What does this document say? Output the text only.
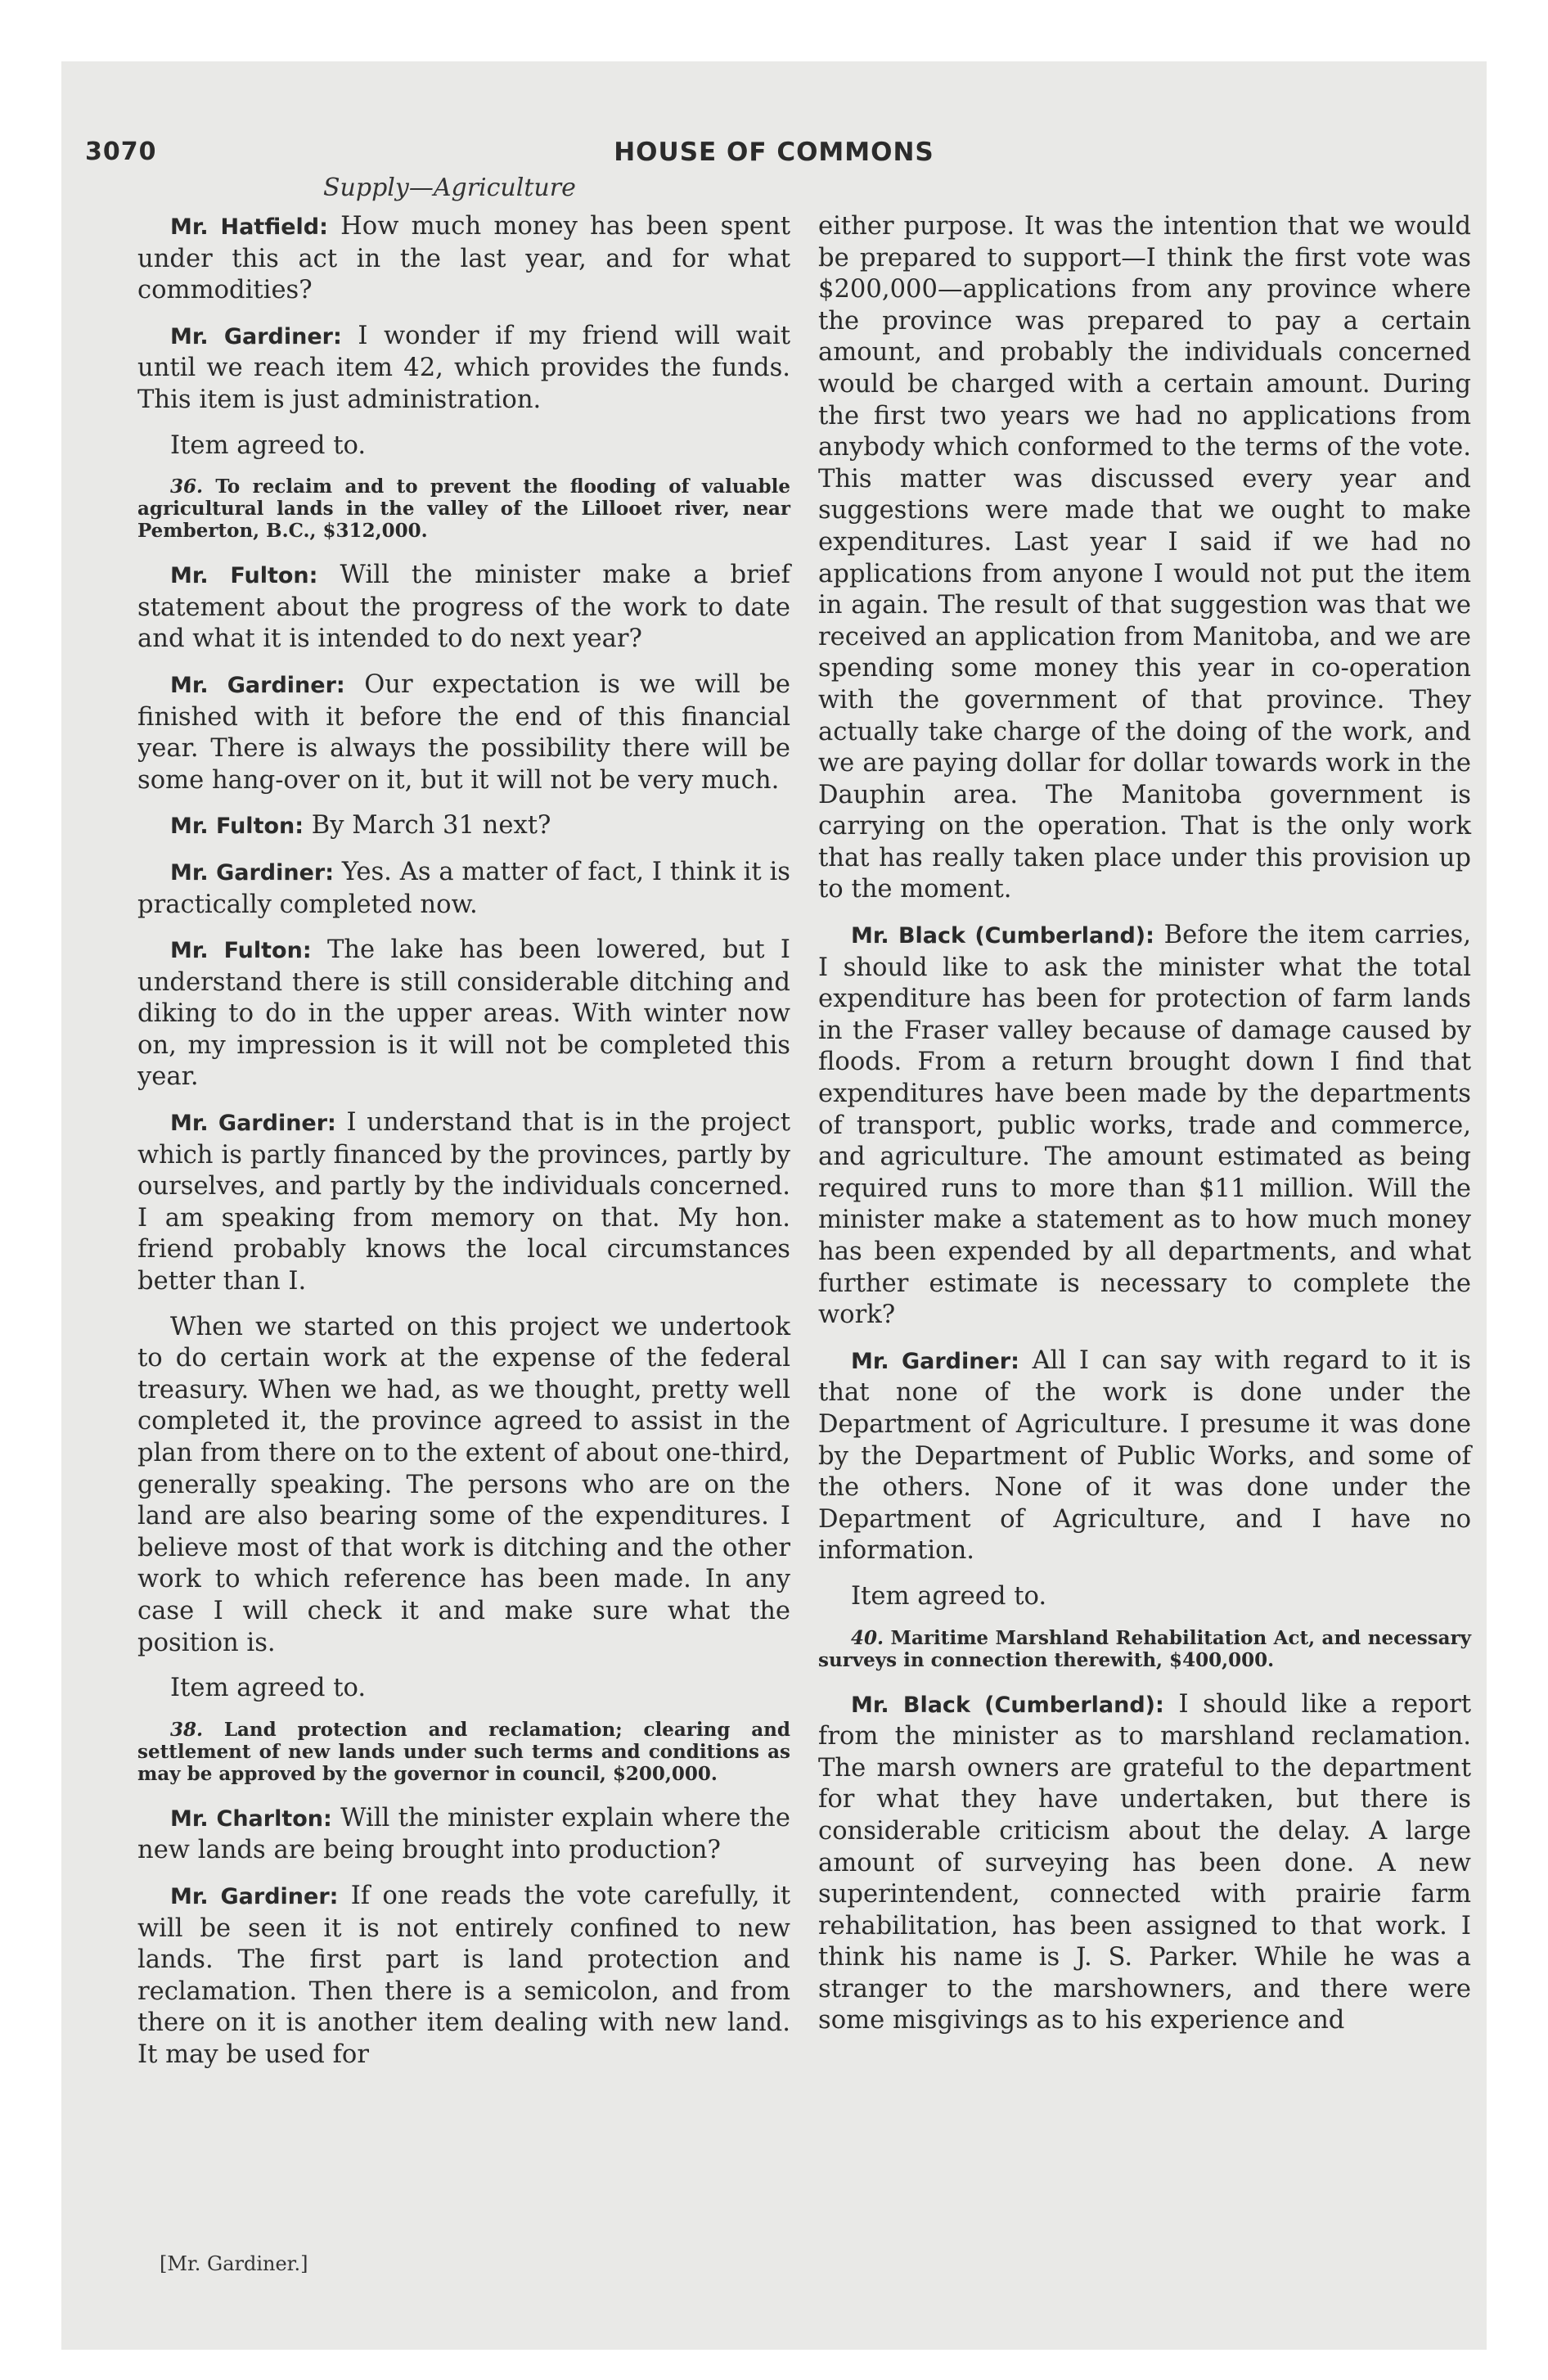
3070	HOUSE OF COMMONS
Supply—Agriculture

Mr. Hatfield: How much money has been spent under this act in the last year, and for what commodities?

Mr. Gardiner: I wonder if my friend will wait until we reach item 42, which provides the funds. This item is just administration.

Item agreed to.

36. To reclaim and to prevent the flooding of valuable agricultural lands in the valley of the Lillooet river, near Pemberton, B.C., $312,000.

Mr. Fulton: Will the minister make a brief statement about the progress of the work to date and what it is intended to do next year?

Mr. Gardiner: Our expectation is we will be finished with it before the end of this financial year. There is always the possibility there will be some hang-over on it, but it will not be very much.

Mr. Fulton: By March 31 next?

Mr. Gardiner: Yes. As a matter of fact, I think it is practically completed now.

Mr. Fulton: The lake has been lowered, but I understand there is still considerable ditching and diking to do in the upper areas. With winter now on, my impression is it will not be completed this year.

Mr. Gardiner: I understand that is in the project which is partly financed by the provinces, partly by ourselves, and partly by the individuals concerned. I am speaking from memory on that. My hon. friend probably knows the local circumstances better than I.

When we started on this project we undertook to do certain work at the expense of the federal treasury. When we had, as we thought, pretty well completed it, the province agreed to assist in the plan from there on to the extent of about one-third, generally speaking. The persons who are on the land are also bearing some of the expenditures. I believe most of that work is ditching and the other work to which reference has been made. In any case I will check it and make sure what the position is.

Item agreed to.

38. Land protection and reclamation; clearing and settlement of new lands under such terms and conditions as may be approved by the governor in council, $200,000.

Mr. Charlton: Will the minister explain where the new lands are being brought into production?

Mr. Gardiner: If one reads the vote carefully, it will be seen it is not entirely confined to new lands. The first part is land protection and reclamation. Then there is a semicolon, and from there on it is another item dealing with new land. It may be used for

either purpose. It was the intention that we would be prepared to support—I think the first vote was $200,000—applications from any province where the province was prepared to pay a certain amount, and probably the individuals concerned would be charged with a certain amount. During the first two years we had no applications from anybody which conformed to the terms of the vote. This matter was discussed every year and suggestions were made that we ought to make expenditures. Last year I said if we had no applications from anyone I would not put the item in again. The result of that suggestion was that we received an application from Manitoba, and we are spending some money this year in co-operation with the government of that province. They actually take charge of the doing of the work, and we are paying dollar for dollar towards work in the Dauphin area. The Manitoba government is carrying on the operation. That is the only work that has really taken place under this provision up to the moment.

Mr. Black (Cumberland): Before the item carries, I should like to ask the minister what the total expenditure has been for protection of farm lands in the Fraser valley because of damage caused by floods. From a return brought down I find that expenditures have been made by the departments of transport, public works, trade and commerce, and agriculture. The amount estimated as being required runs to more than $11 million. Will the minister make a statement as to how much money has been expended by all departments, and what further estimate is necessary to complete the work?

Mr. Gardiner: All I can say with regard to it is that none of the work is done under the Department of Agriculture. I presume it was done by the Department of Public Works, and some of the others. None of it was done under the Department of Agriculture, and I have no information.

Item agreed to.

40. Maritime Marshland Rehabilitation Act, and necessary surveys in connection therewith, $400,000.

Mr. Black (Cumberland): I should like a report from the minister as to marshland reclamation. The marsh owners are grateful to the department for what they have undertaken, but there is considerable criticism about the delay. A large amount of surveying has been done. A new superintendent, connected with prairie farm rehabilitation, has been assigned to that work. I think his name is J. S. Parker. While he was a stranger to the marshowners, and there were some misgivings as to his experience and

[Mr. Gardiner.]
